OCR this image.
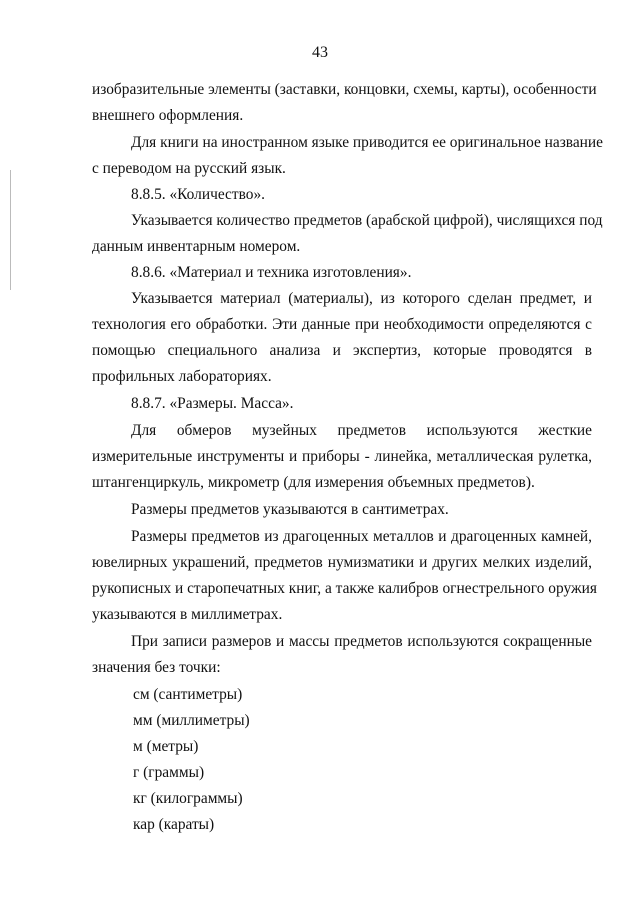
43
изобразительные элементы (заставки, концовки, схемы, карты), особенности
внешнего оформления.
Для книги на иностранном языке приводится ее оригинальное название
с переводом на русский язык.
8.8.5. «Количество».
Указывается количество предметов (арабской цифрой), числящихся под
данным инвентарным номером.
8.8.6. «Материал и техника изготовления».
Указывается материал (материалы), из которого сделан предмет, и
технология его обработки. Эти данные при необходимости определяются с
помощью специального анализа и экспертиз, которые проводятся в
профильных лабораториях.
8.8.7. «Размеры. Масса».
Для обмеров музейных предметов используются жесткие
измерительные инструменты и приборы - линейка, металлическая рулетка,
штангенциркуль, микрометр (для измерения объемных предметов).
Размеры предметов указываются в сантиметрах.
Размеры предметов из драгоценных металлов и драгоценных камней,
ювелирных украшений, предметов нумизматики и других мелких изделий,
рукописных и старопечатных книг, а также калибров огнестрельного оружия
указываются в миллиметрах.
При записи размеров и массы предметов используются сокращенные
значения без точки:
см (сантиметры)
мм (миллиметры)
м (метры)
г (граммы)
кг (килограммы)
кар (караты)
